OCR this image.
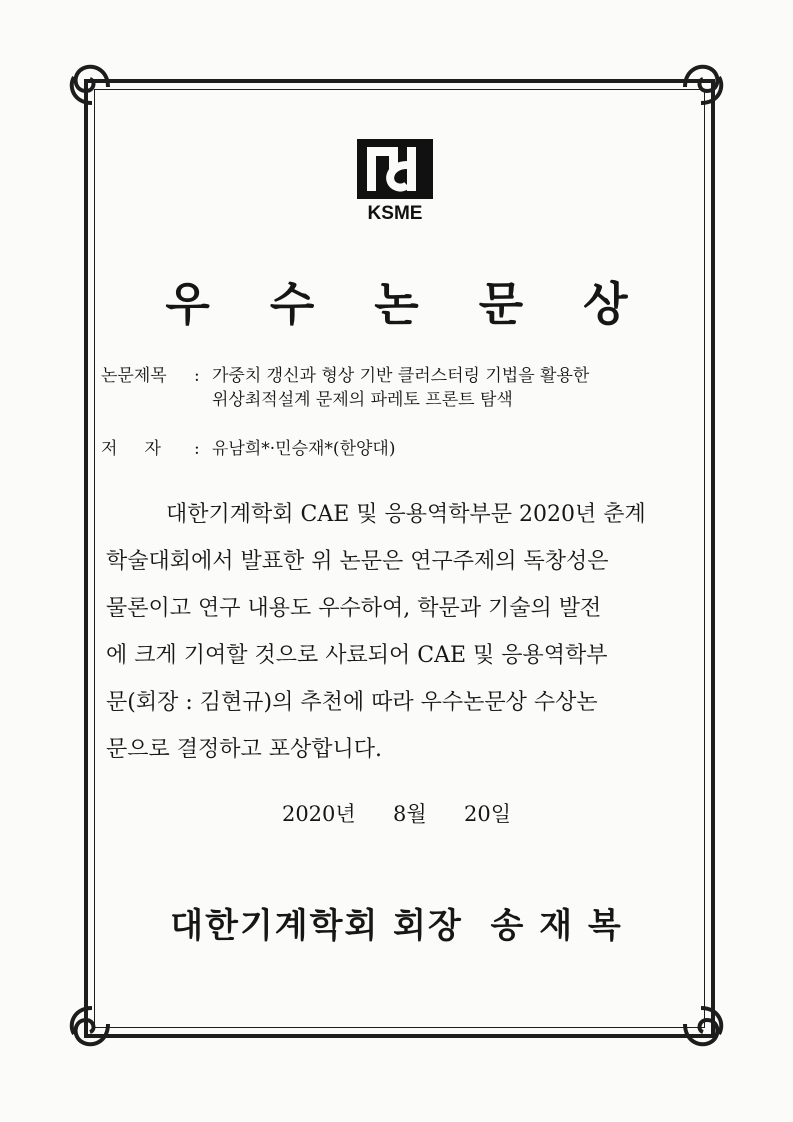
KSME
우 수 논 문 상
논문제목 : 가중치 갱신과 형상 기반 클러스터링 기법을 활용한
위상최적설계 문제의 파레토 프론트 탐색
저     자 : 유남희*·민승재*(한양대)
대한기계학회 CAE 및 응용역학부문 2020년 춘계
학술대회에서 발표한 위 논문은 연구주제의 독창성은
물론이고 연구 내용도 우수하여, 학문과 기술의 발전
에 크게 기여할 것으로 사료되어 CAE 및 응용역학부
문(회장 : 김현규)의 추천에 따라 우수논문상 수상논
문으로 결정하고 포상합니다.
2020년  8월  20일
대한기계학회 회장  송 재 복
